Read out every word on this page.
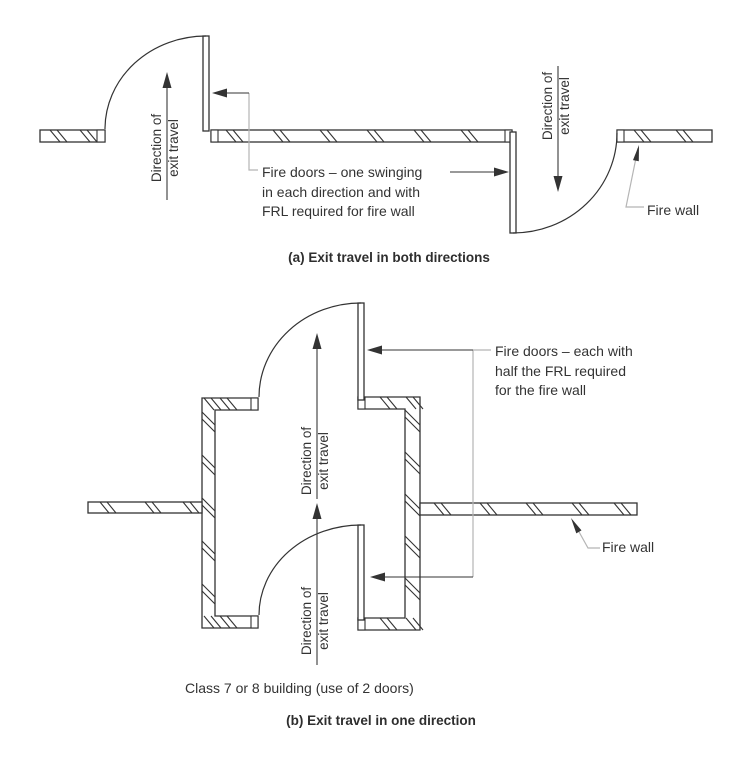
Direction of exit travel
Direction of exit travel
Fire doors – one swinging
in each direction and with
FRL required for fire wall	Fire wall
(a) Exit travel in both directions
Direction of exit travel
Direction of exit travel
Fire doors – each with
half the FRL required
for the fire wall
Fire wall
Class 7 or 8 building (use of 2 doors)
(b) Exit travel in one direction
